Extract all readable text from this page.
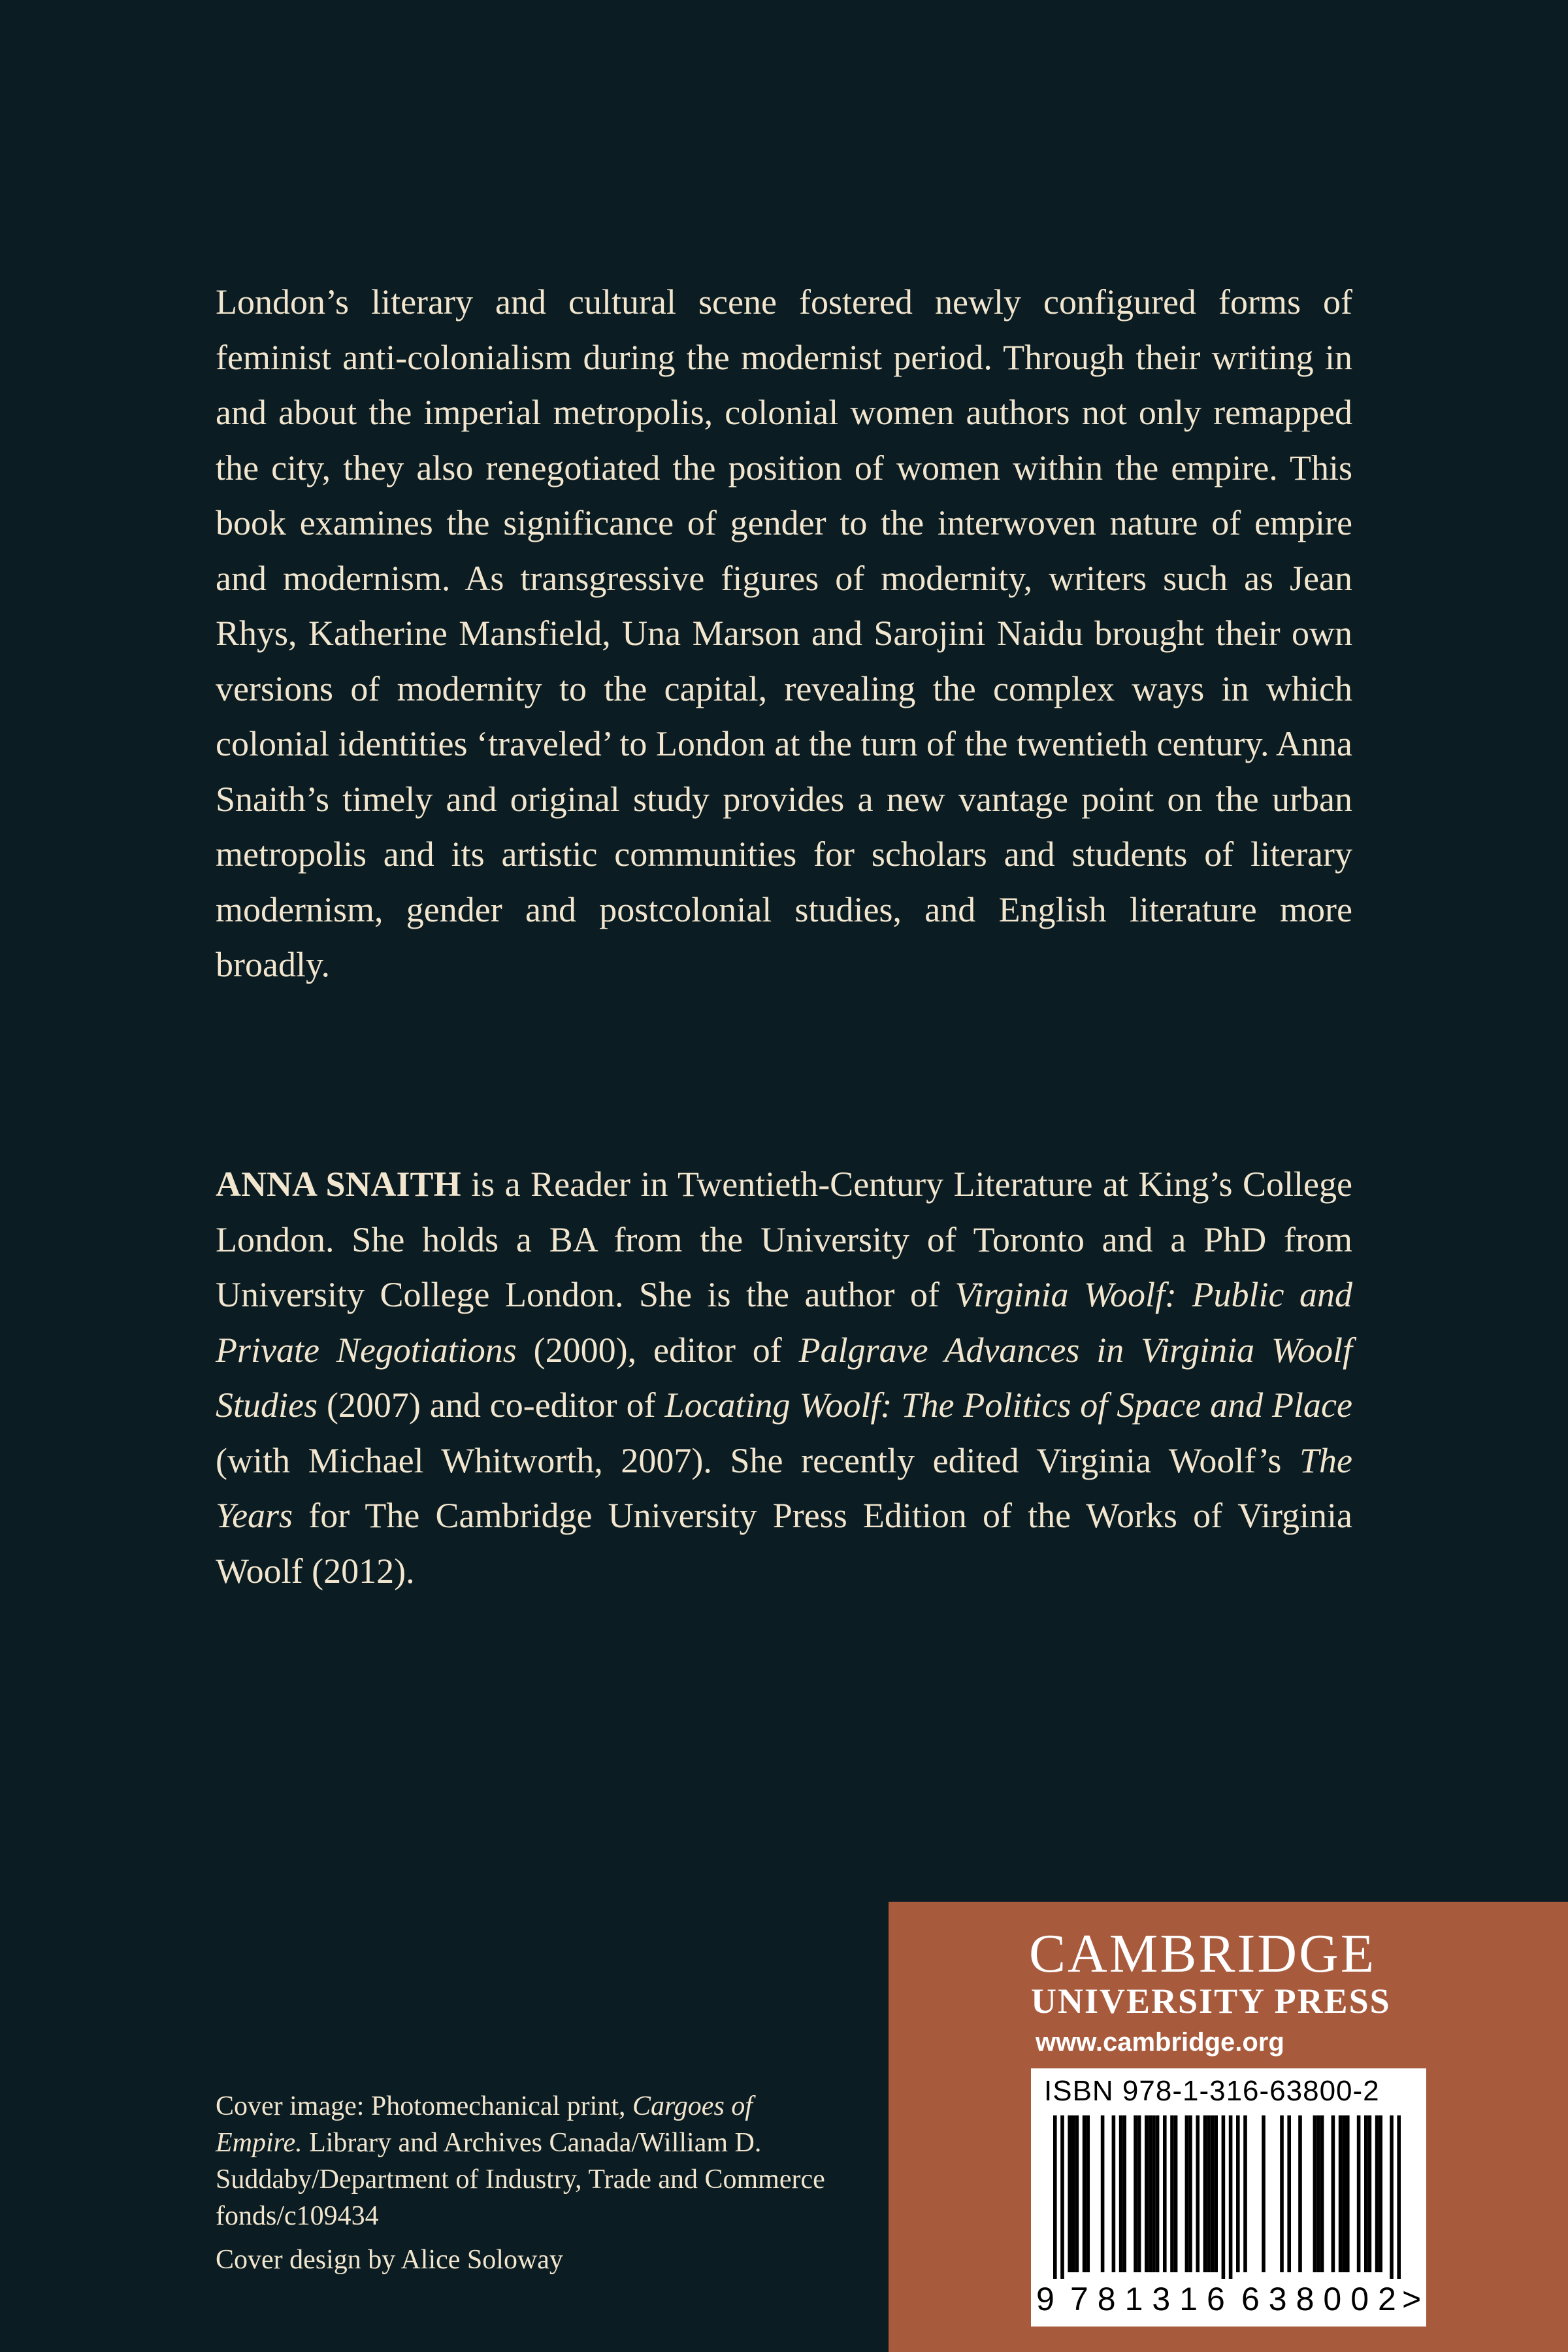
London’s literary and cultural scene fostered newly configured forms of feminist anti-colonialism during the modernist period. Through their writing in and about the imperial metropolis, colonial women authors not only remapped the city, they also renegotiated the position of women within the empire. This book examines the significance of gender to the interwoven nature of empire and modernism. As transgressive figures of modernity, writers such as Jean Rhys, Katherine Mansfield, Una Marson and Sarojini Naidu brought their own versions of modernity to the capital, revealing the complex ways in which colonial identities ‘traveled’ to London at the turn of the twentieth century. Anna Snaith’s timely and original study provides a new vantage point on the urban metropolis and its artistic communities for scholars and students of literary modernism, gender and postcolonial studies, and English literature more broadly.

ANNA SNAITH is a Reader in Twentieth-Century Literature at King’s College London. She holds a BA from the University of Toronto and a PhD from University College London. She is the author of Virginia Woolf: Public and Private Negotiations (2000), editor of Palgrave Advances in Virginia Woolf Studies (2007) and co-editor of Locating Woolf: The Politics of Space and Place (with Michael Whitworth, 2007). She recently edited Virginia Woolf’s The Years for The Cambridge University Press Edition of the Works of Virginia Woolf (2012).

Cover image: Photomechanical print, Cargoes of Empire. Library and Archives Canada/William D. Suddaby/Department of Industry, Trade and Commerce fonds/c109434

Cover design by Alice Soloway

CAMBRIDGE
UNIVERSITY PRESS
www.cambridge.org
ISBN 978-1-316-63800-2
9 781316 638002
>
